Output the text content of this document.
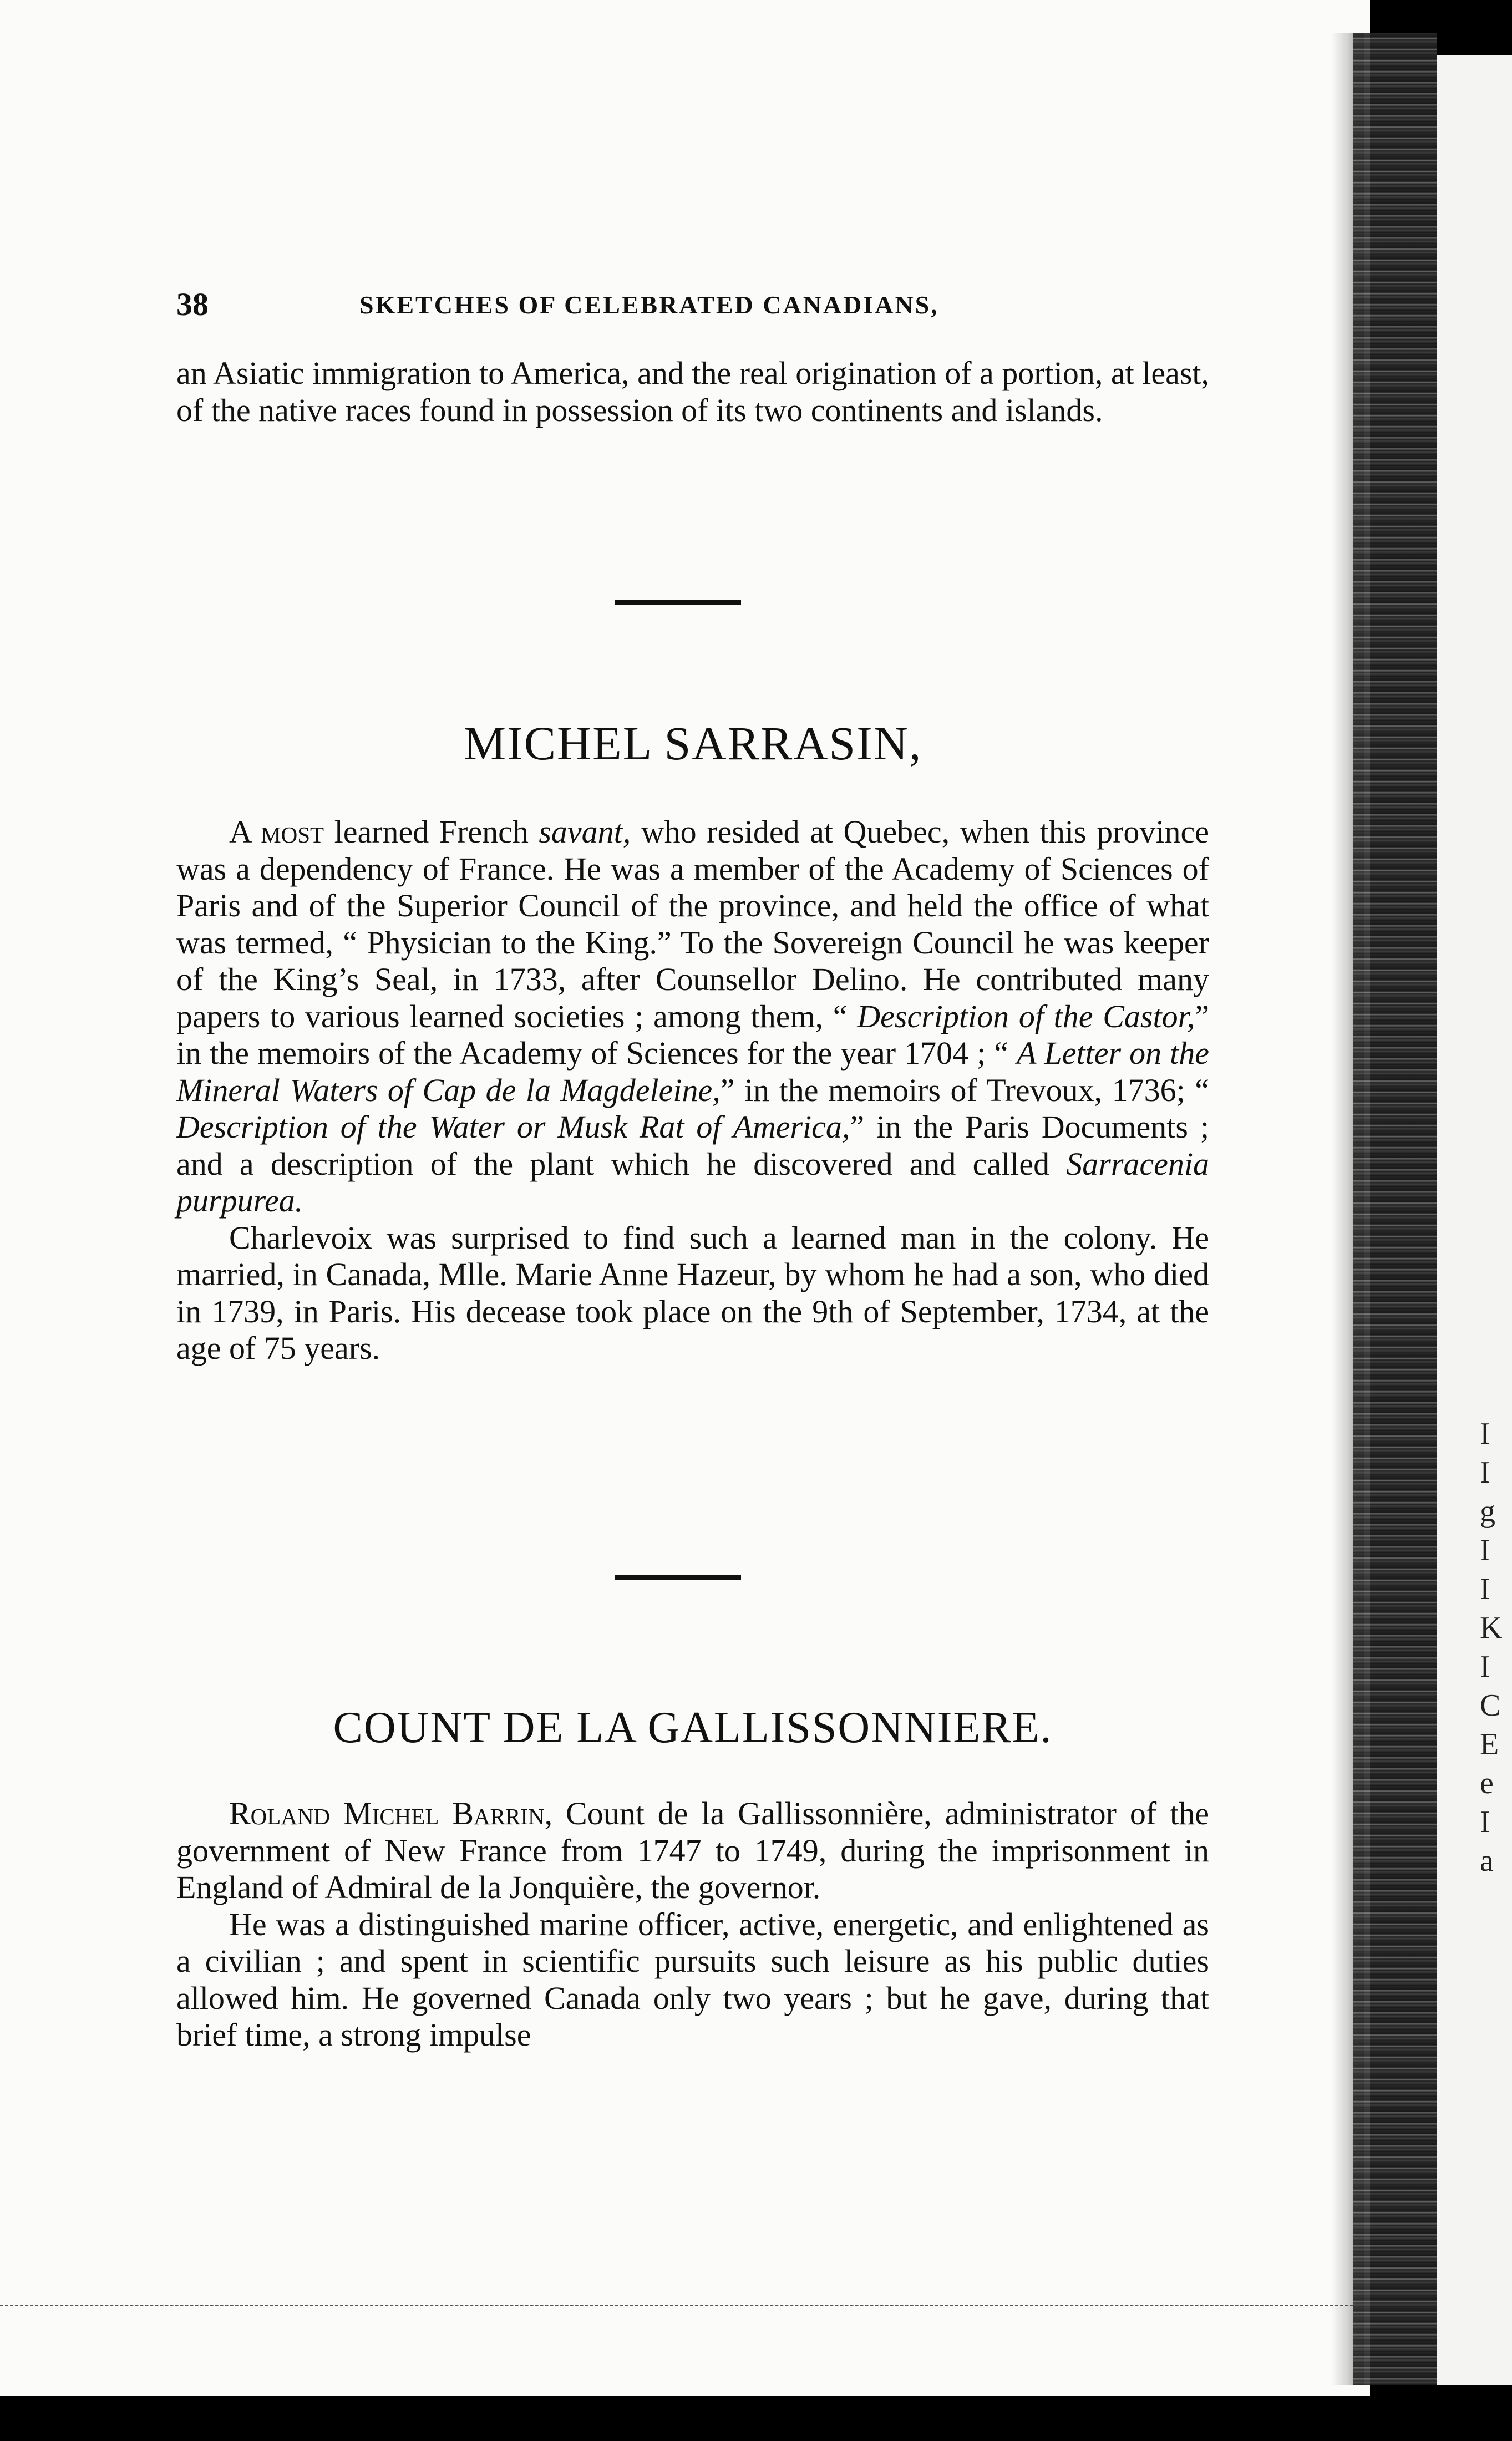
I
I
g
I
I
K
I
C
E
e
I
a
38	SKETCHES OF CELEBRATED CANADIANS,

an Asiatic immigration to America, and the real origination of a portion, at least, of the native races found in possession of its two continents and islands.

MICHEL SARRASIN,

A most learned French savant, who resided at Quebec, when this province was a dependency of France. He was a member of the Academy of Sciences of Paris and of the Superior Council of the province, and held the office of what was termed, “ Physician to the King.” To the Sovereign Council he was keeper of the King’s Seal, in 1733, after Counsellor Delino. He contributed many papers to various learned societies ; among them, “ Description of the Castor,” in the memoirs of the Academy of Sciences for the year 1704 ; “ A Letter on the Mineral Waters of Cap de la Magdeleine,” in the memoirs of Trevoux, 1736; “ Description of the Water or Musk Rat of America,” in the Paris Documents ; and a description of the plant which he discovered and called Sarracenia purpurea.

Charlevoix was surprised to find such a learned man in the colony. He married, in Canada, Mlle. Marie Anne Hazeur, by whom he had a son, who died in 1739, in Paris. His decease took place on the 9th of September, 1734, at the age of 75 years.

COUNT DE LA GALLISSONNIERE.

Roland Michel Barrin, Count de la Gallissonnière, administrator of the government of New France from 1747 to 1749, during the imprisonment in England of Admiral de la Jonquière, the governor.

He was a distinguished marine officer, active, energetic, and enlightened as a civilian ; and spent in scientific pursuits such leisure as his public duties allowed him. He governed Canada only two years ; but he gave, during that brief time, a strong impulse
